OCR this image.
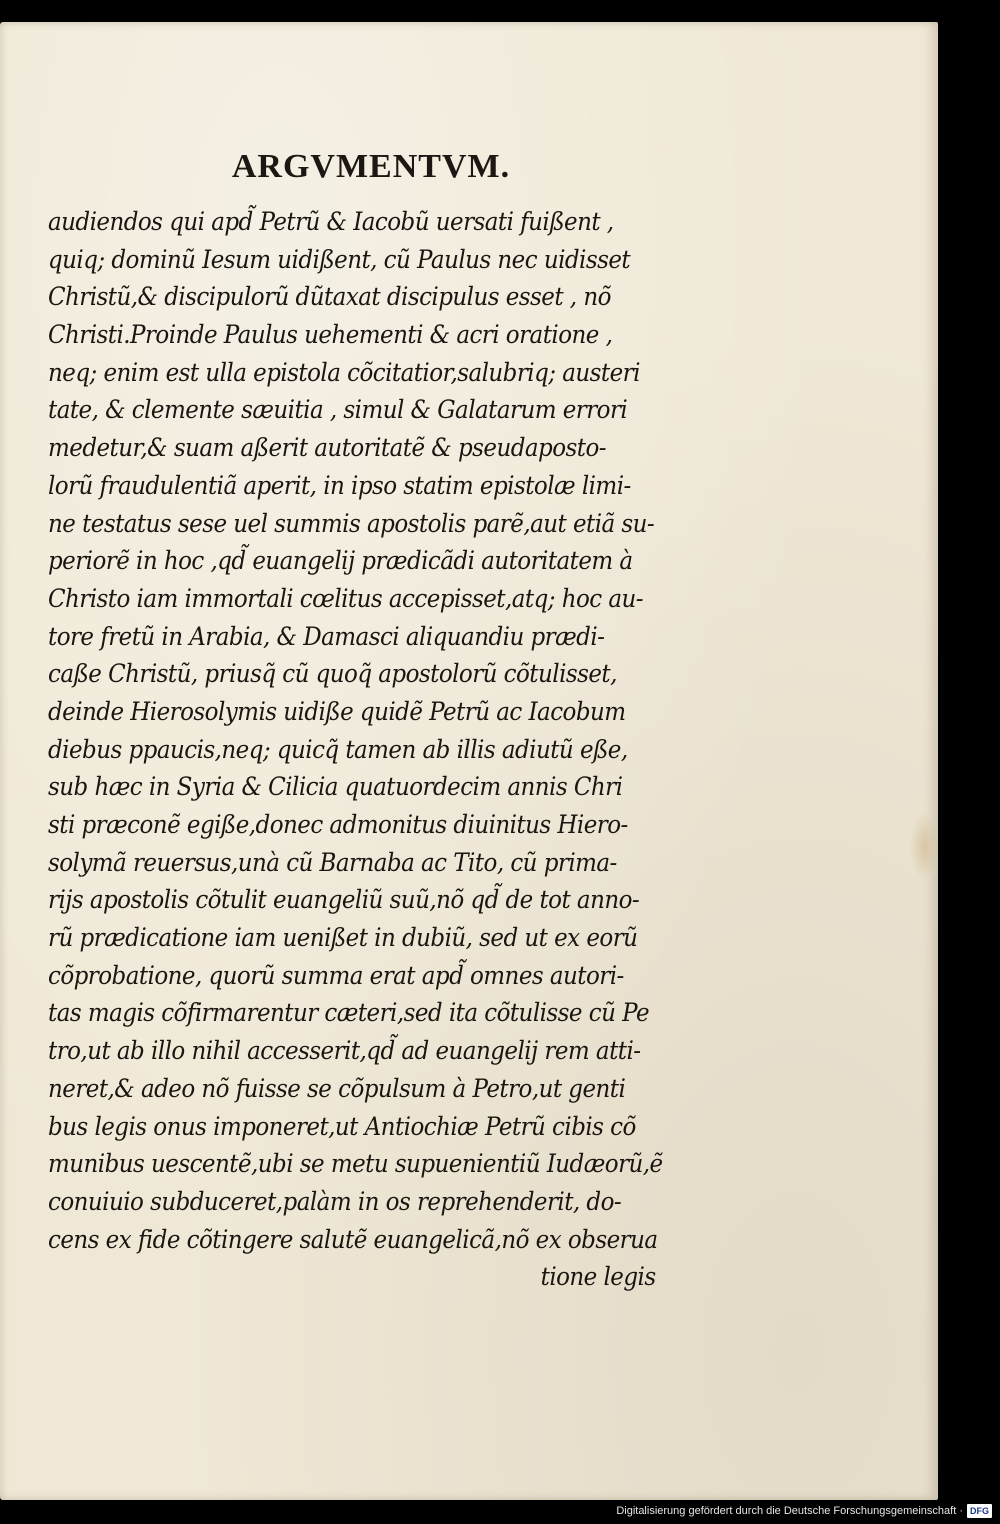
ARGVMENTVM.
audiendos qui apd̃ Petrũ & Iacobũ uersati fuißent ,
quiq; dominũ Iesum uidißent, cũ Paulus nec uidisset
Christũ,& discipulorũ dũtaxat discipulus esset , nõ
Christi.Proinde Paulus uehementi & acri oratione ,
neq; enim est ulla epistola cõcitatior,salubriq; austeri
tate, & clemente sæuitia , simul & Galatarum errori
medetur,& suam aßerit autoritatẽ & pseudaposto-
lorũ fraudulentiã aperit, in ipso statim epistolæ limi-
ne testatus sese uel summis apostolis parẽ,aut etiã su-
periorẽ in hoc ,qd̃ euangelij prædicãdi autoritatem à
Christo iam immortali cœlitus accepisset,atq; hoc au-
tore fretũ in Arabia, & Damasci aliquandiu prædi-
caße Christũ, priusq̃ cũ quoq̃ apostolorũ cõtulisset,
deinde Hierosolymis uidiße quidẽ Petrũ ac Iacobum
diebus ppaucis,neq; quicq̃ tamen ab illis adiutũ eße,
sub hæc in Syria & Cilicia quatuordecim annis Chri
sti præconẽ egiße,donec admonitus diuinitus Hiero-
solymã reuersus,unà cũ Barnaba ac Tito, cũ prima-
rijs apostolis cõtulit euangeliũ suũ,nõ qd̃ de tot anno-
rũ prædicatione iam uenißet in dubiũ, sed ut ex eorũ
cõprobatione, quorũ summa erat apd̃ omnes autori-
tas magis cõfirmarentur cæteri,sed ita cõtulisse cũ Pe
tro,ut ab illo nihil accesserit,qd̃ ad euangelij rem atti-
neret,& adeo nõ fuisse se cõpulsum à Petro,ut genti
bus legis onus imponeret,ut Antiochiæ Petrũ cibis cõ
munibus uescentẽ,ubi se metu supuenientiũ Iudæorũ,ẽ
conuiuio subduceret,palàm in os reprehenderit, do-
cens ex fide cõtingere salutẽ euangelicã,nõ ex obseruа
tione legis
Digitalisierung gefördert durch die Deutsche Forschungsgemeinschaft · DFG
